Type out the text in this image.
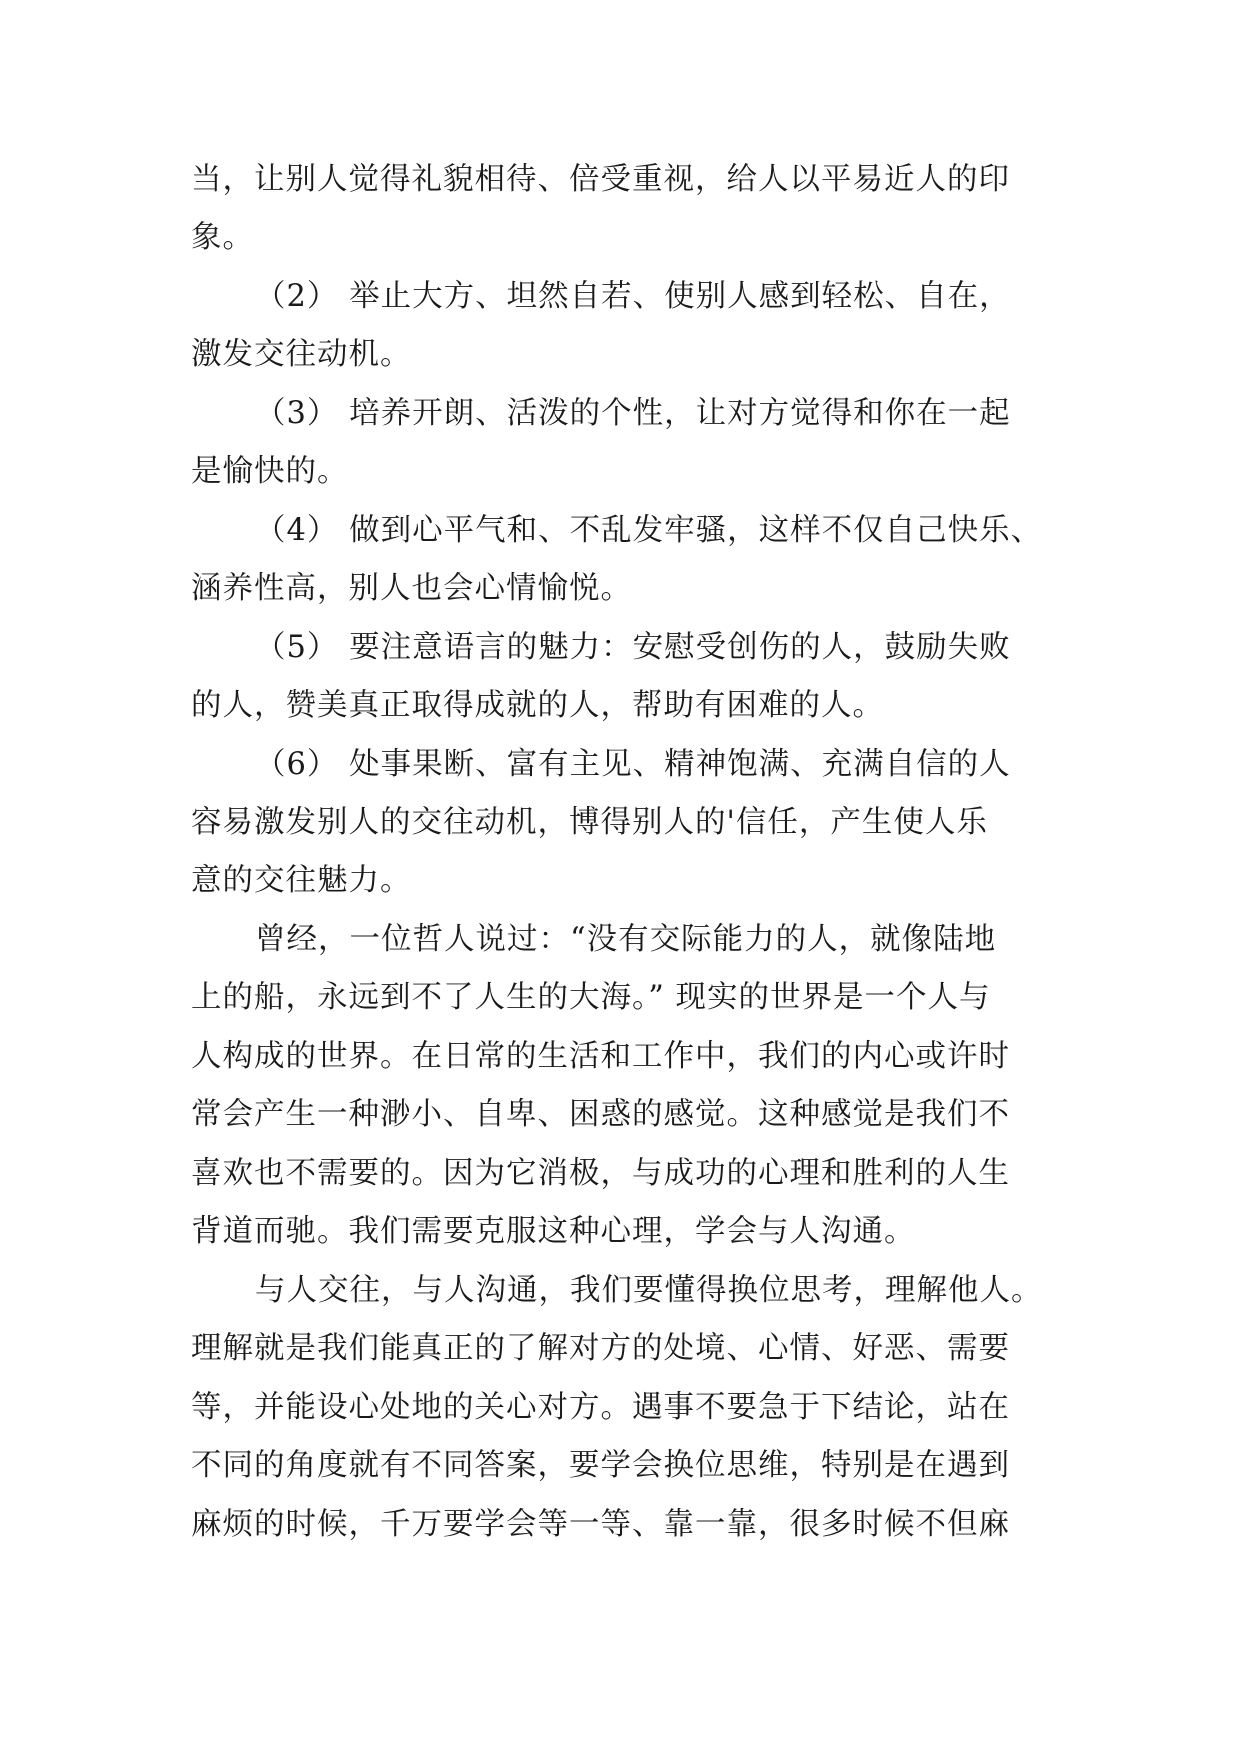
当，让别人觉得礼貌相待、倍受重视，给人以平易近人的印
象。
（2） 举止大方、坦然自若、使别人感到轻松、自在，
激发交往动机。
（3） 培养开朗、活泼的个性，让对方觉得和你在一起
是愉快的。
（4） 做到心平气和、不乱发牢骚，这样不仅自己快乐、
涵养性高，别人也会心情愉悦。
（5） 要注意语言的魅力：安慰受创伤的人，鼓励失败
的人，赞美真正取得成就的人，帮助有困难的人。
（6） 处事果断、富有主见、精神饱满、充满自信的人
容易激发别人的交往动机，博得别人的'信任，产生使人乐
意的交往魅力。
曾经，一位哲人说过：“没有交际能力的人，就像陆地
上的船，永远到不了人生的大海。” 现实的世界是一个人与
人构成的世界。在日常的生活和工作中，我们的内心或许时
常会产生一种渺小、自卑、困惑的感觉。这种感觉是我们不
喜欢也不需要的。因为它消极，与成功的心理和胜利的人生
背道而驰。我们需要克服这种心理，学会与人沟通。
与人交往，与人沟通，我们要懂得换位思考，理解他人。
理解就是我们能真正的了解对方的处境、心情、好恶、需要
等，并能设心处地的关心对方。遇事不要急于下结论，站在
不同的角度就有不同答案，要学会换位思维，特别是在遇到
麻烦的时候，千万要学会等一等、靠一靠，很多时候不但麻
